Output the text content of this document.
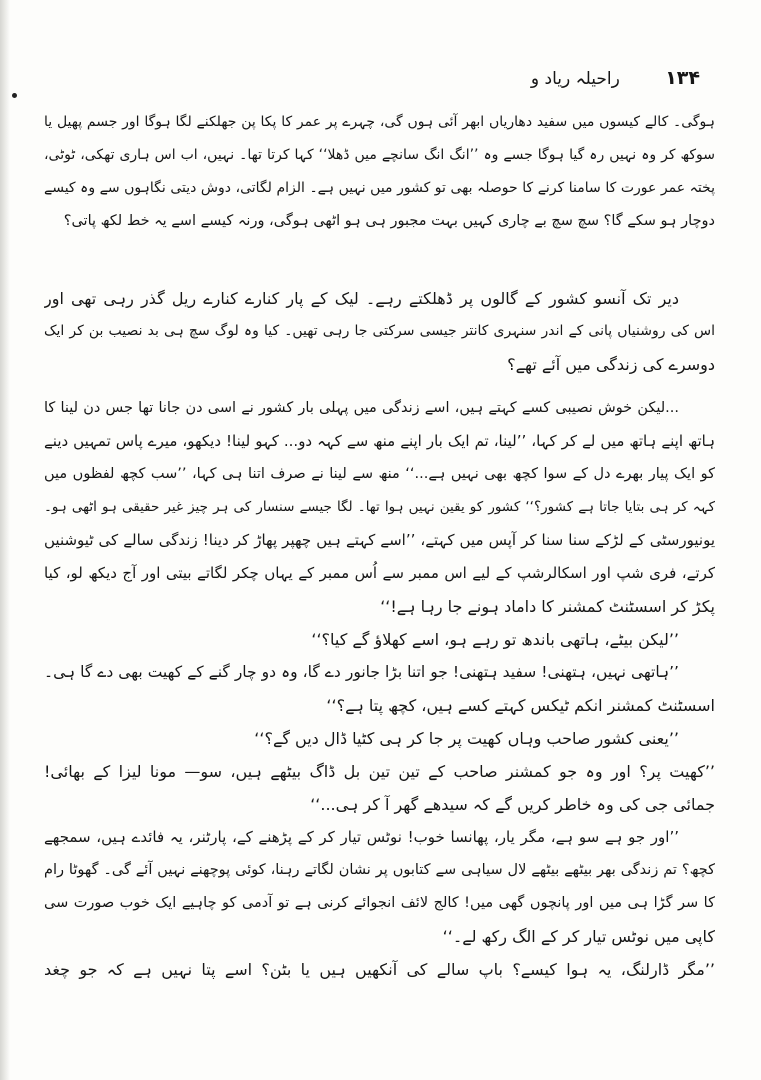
۱۳۴ راحیلہ ریاد و
ہوگی۔ کالے کیسوں میں سفید دھاریاں ابھر آئی ہوں گی، چہرے پر عمر کا پکا پن جھلکنے لگا ہوگا اور جسم پھیل یا
سوکھ کر وہ نہیں رہ گیا ہوگا جسے وہ ’’انگ انگ سانچے میں ڈھلا‘‘ کہا کرتا تھا۔ نہیں، اب اس ہاری تھکی، ٹوٹی،
پختہ عمر عورت کا سامنا کرنے کا حوصلہ بھی تو کشور میں نہیں ہے۔ الزام لگاتی، دوش دیتی نگاہوں سے وہ کیسے
دوچار ہو سکے گا؟ سچ سچ بے چاری کہیں بہت مجبور ہی ہو اٹھی ہوگی، ورنہ کیسے اسے یہ خط لکھ پاتی؟
دیر تک آنسو کشور کے گالوں پر ڈھلکتے رہے۔ لیک کے پار کنارے کنارے ریل گذر رہی تھی اور
اس کی روشنیاں پانی کے اندر سنہری کانتر جیسی سرکتی جا رہی تھیں۔ کیا وہ لوگ سچ ہی بد نصیب بن کر ایک
دوسرے کی زندگی میں آئے تھے؟
...لیکن خوش نصیبی کسے کہتے ہیں، اسے زندگی میں پہلی بار کشور نے اسی دن جانا تھا جس دن لینا کا
ہاتھ اپنے ہاتھ میں لے کر کہا، ’’لینا، تم ایک بار اپنے منھ سے کہہ دو... کہو لینا! دیکھو، میرے پاس تمہیں دینے
کو ایک پیار بھرے دل کے سوا کچھ بھی نہیں ہے...‘‘ منھ سے لینا نے صرف اتنا ہی کہا، ’’سب کچھ لفظوں میں
کہہ کر ہی بتایا جاتا ہے کشور؟‘‘ کشور کو یقین نہیں ہوا تھا۔ لگا جیسے سنسار کی ہر چیز غیر حقیقی ہو اٹھی ہو۔
یونیورسٹی کے لڑکے سنا سنا کر آپس میں کہتے، ’’اسے کہتے ہیں چھپر پھاڑ کر دینا! زندگی سالے کی ٹیوشنیں
کرتے، فری شپ اور اسکالرشپ کے لیے اس ممبر سے اُس ممبر کے یہاں چکر لگاتے بیتی اور آج دیکھ لو، کیا
پکڑ کر اسسٹنٹ کمشنر کا داماد ہونے جا رہا ہے!‘‘
’’لیکن بیٹے، ہاتھی باندھ تو رہے ہو، اسے کھلاؤ گے کیا؟‘‘
’’ہاتھی نہیں، ہتھنی! سفید ہتھنی! جو اتنا بڑا جانور دے گا، وہ دو چار گنے کے کھیت بھی دے گا ہی۔
اسسٹنٹ کمشنر انکم ٹیکس کہتے کسے ہیں، کچھ پتا ہے؟‘‘
’’یعنی کشور صاحب وہاں کھیت پر جا کر ہی کٹیا ڈال دیں گے؟‘‘
’’کھیت پر؟ اور وہ جو کمشنر صاحب کے تین تین بل ڈاگ بیٹھے ہیں، سو— مونا لیزا کے بھائی!
جمائی جی کی وہ خاطر کریں گے کہ سیدھے گھر آ کر ہی...‘‘
’’اور جو ہے سو ہے، مگر یار، پھانسا خوب! نوٹس تیار کر کے پڑھنے کے، پارٹنر، یہ فائدے ہیں، سمجھے
کچھ؟ تم زندگی بھر بیٹھے بیٹھے لال سیاہی سے کتابوں پر نشان لگاتے رہنا، کوئی پوچھنے نہیں آئے گی۔ گھوٹا رام
کا سر گڑا ہی میں اور پانچوں گھی میں! کالج لائف انجوائے کرنی ہے تو آدمی کو چاہیے ایک خوب صورت سی
کاپی میں نوٹس تیار کر کے الگ رکھ لے۔‘‘
’’مگر ڈارلنگ، یہ ہوا کیسے؟ باپ سالے کی آنکھیں ہیں یا بٹن؟ اسے پتا نہیں ہے کہ جو چغد
